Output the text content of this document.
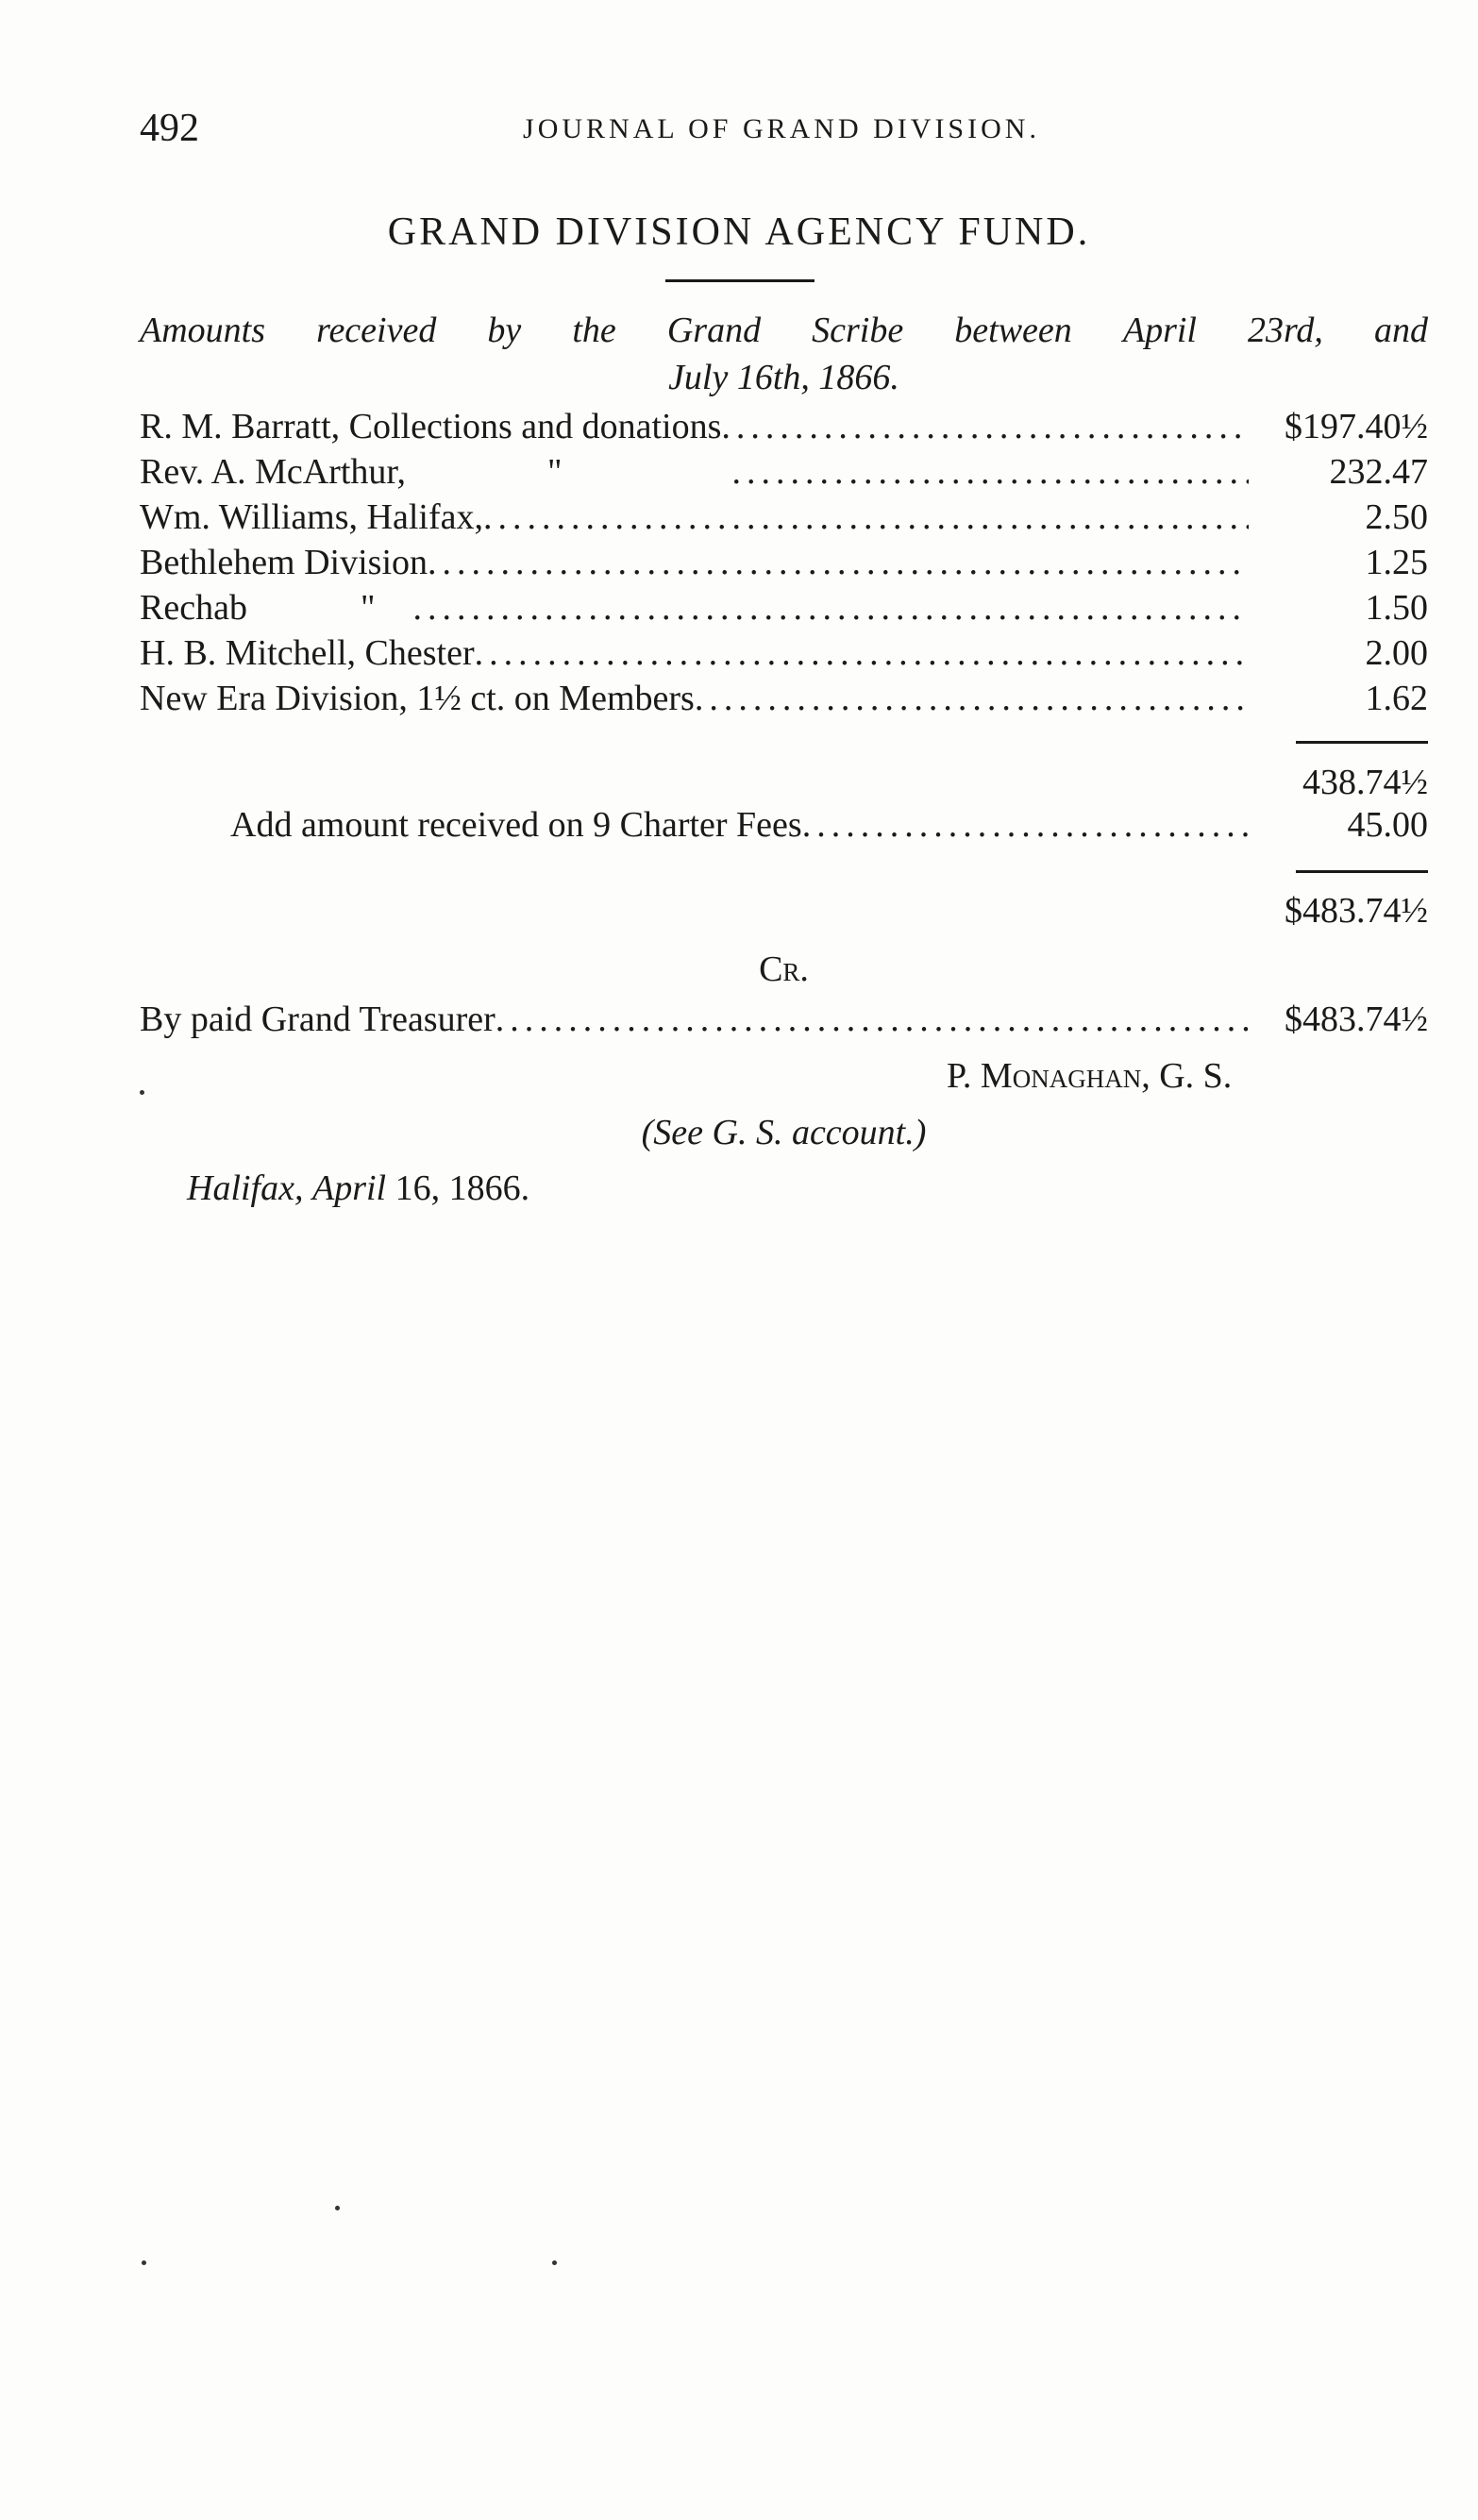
492	JOURNAL OF GRAND DIVISION.
GRAND DIVISION AGENCY FUND.
Amounts received by the Grand Scribe between April 23rd, and
July 16th, 1866.
R. M. Barratt, Collections and donations .....	$197.40½
Rev. A. McArthur,	" .....	232.47
Wm. Williams, Halifax, .....	2.50
Bethlehem Division .....	1.25
Rechab	" .....	1.50
H. B. Mitchell, Chester .....	2.00
New Era Division, 1½ ct. on Members .....	1.62
438.74½
Add amount received on 9 Charter Fees .....	45.00
$483.74½
Cr.
By paid Grand Treasurer .....	$483.74½
P. Monaghan, G. S.
(See G. S. account.)
Halifax, April 16, 1866.
